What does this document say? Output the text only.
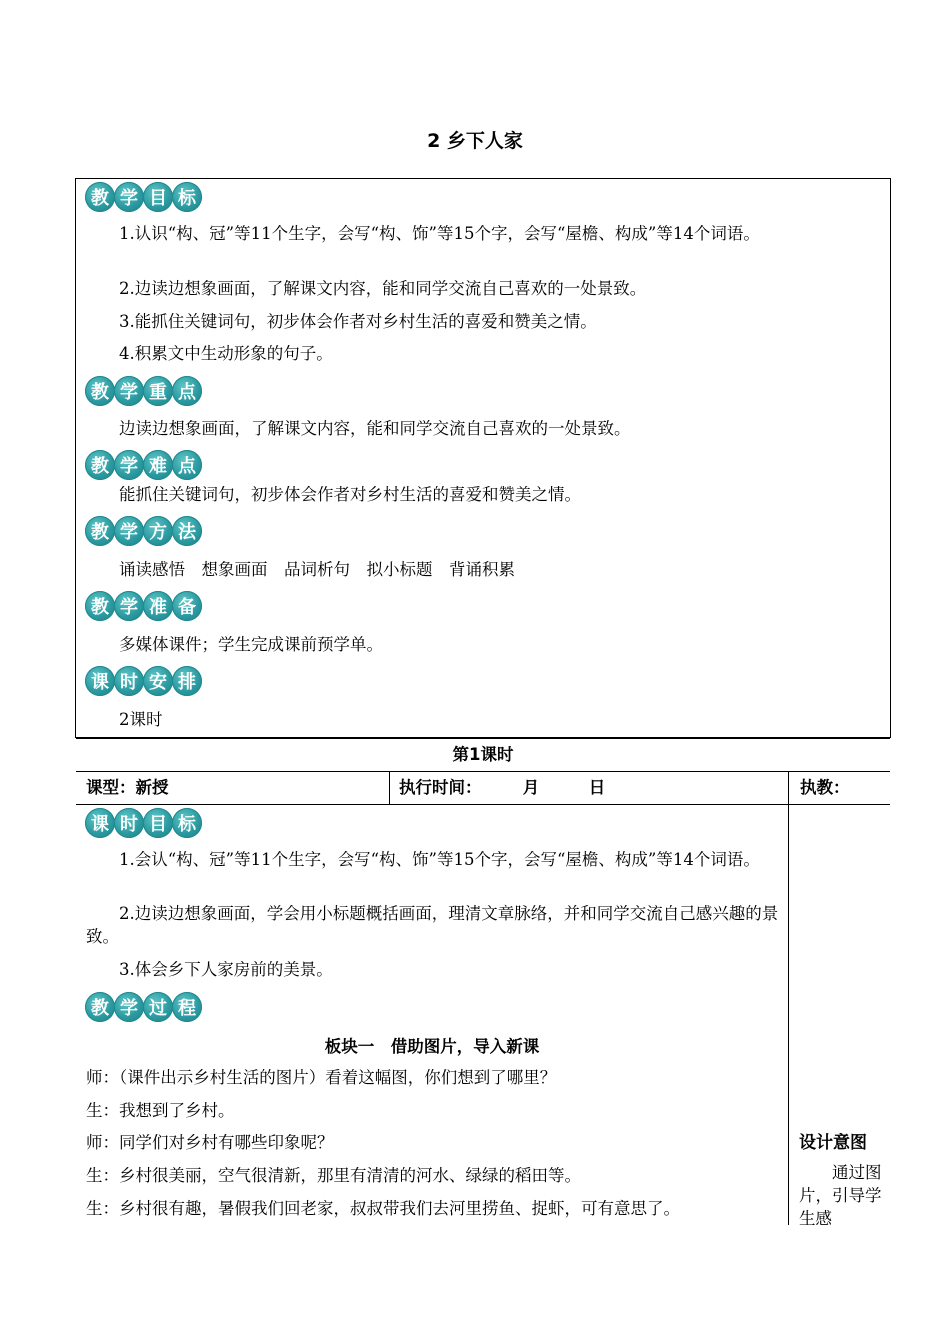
2 乡下人家
教 学 目 标
1.认识“构、冠”等11个生字，会写“构、饰”等15个字，会写“屋檐、构成”等14个词语。
2.边读边想象画面，了解课文内容，能和同学交流自己喜欢的一处景致。
3.能抓住关键词句，初步体会作者对乡村生活的喜爱和赞美之情。
4.积累文中生动形象的句子。
教 学 重 点
边读边想象画面，了解课文内容，能和同学交流自己喜欢的一处景致。
教 学 难 点
能抓住关键词句，初步体会作者对乡村生活的喜爱和赞美之情。
教 学 方 法
诵读感悟　想象画面　品词析句　拟小标题　背诵积累
教 学 准 备
多媒体课件；学生完成课前预学单。
课 时 安 排
2课时
第1课时
课型：新授	执行时间：　　　月　　　日	执教：
课 时 目 标
1.会认“构、冠”等11个生字，会写“构、饰”等15个字，会写“屋檐、构成”等14个词语。
2.边读边想象画面，学会用小标题概括画面，理清文章脉络，并和同学交流自己感兴趣的景致。
3.体会乡下人家房前的美景。
教 学 过 程
板块一　借助图片，导入新课
师：（课件出示乡村生活的图片）看着这幅图，你们想到了哪里？
生：我想到了乡村。
师：同学们对乡村有哪些印象呢？
生：乡村很美丽，空气很清新，那里有清清的河水、绿绿的稻田等。
生：乡村很有趣，暑假我们回老家，叔叔带我们去河里捞鱼、捉虾，可有意思了。
设计意图
通过图片，引导学生感
